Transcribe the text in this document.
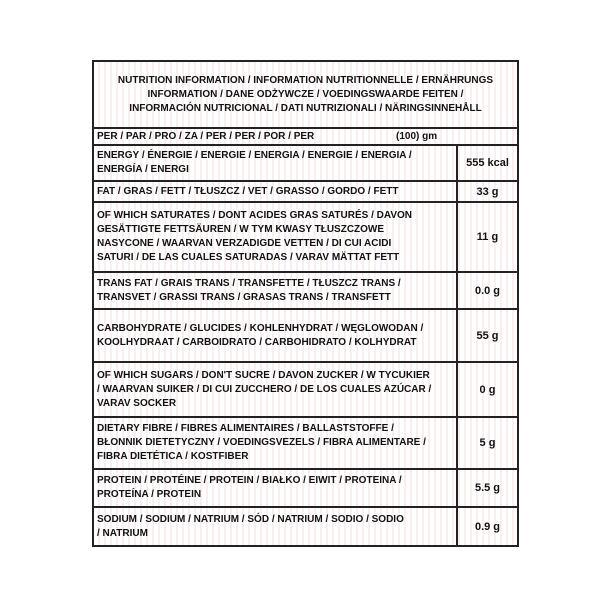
NUTRITION INFORMATION / INFORMATION NUTRITIONNELLE / ERNÄHRUNGS
INFORMATION / DANE ODŻYWCZE / VOEDINGSWAARDE FEITEN /
INFORMACIÓN NUTRICIONAL / DATI NUTRIZIONALI / NÄRINGSINNEHÅLL
PER / PAR / PRO / ZA / PER / PER / POR / PER	(100) gm
ENERGY / ÉNERGIE / ENERGIE / ENERGIA / ENERGIE / ENERGIA /
ENERGÍA / ENERGI
555 kcal
FAT / GRAS / FETT / TŁUSZCZ / VET / GRASSO / GORDO / FETT	33 g
OF WHICH SATURATES / DONT ACIDES GRAS SATURÉS / DAVON
GESÄTTIGTE FETTSÄUREN / W TYM KWASY TŁUSZCZOWE
NASYCONE / WAARVAN VERZADIGDE VETTEN / DI CUI ACIDI
SATURI / DE LAS CUALES SATURADAS / VARAV MÄTTAT FETT
11 g
TRANS FAT / GRAIS TRANS / TRANSFETTE / TŁUSZCZ TRANS /
TRANSVET / GRASSI TRANS / GRASAS TRANS / TRANSFETT
0.0 g
CARBOHYDRATE / GLUCIDES / KOHLENHYDRAT / WĘGLOWODAN /
KOOLHYDRAAT / CARBOIDRATO / CARBOHIDRATO / KOLHYDRAT
55 g
OF WHICH SUGARS / DON'T SUCRE / DAVON ZUCKER / W TYCUKIER
/ WAARVAN SUIKER / DI CUI ZUCCHERO / DE LOS CUALES AZÚCAR /
VARAV SOCKER
0 g
DIETARY FIBRE / FIBRES ALIMENTAIRES / BALLASTSTOFFE /
BŁONNIK DIETETYCZNY / VOEDINGSVEZELS / FIBRA ALIMENTARE /
FIBRA DIETÉTICA / KOSTFIBER
5 g
PROTEIN / PROTÉINE / PROTEIN / BIAŁKO / EIWIT / PROTEINA /
PROTEÍNA / PROTEIN
5.5 g
SODIUM / SODIUM / NATRIUM / SÓD / NATRIUM / SODIO / SODIO
/ NATRIUM
0.9 g
